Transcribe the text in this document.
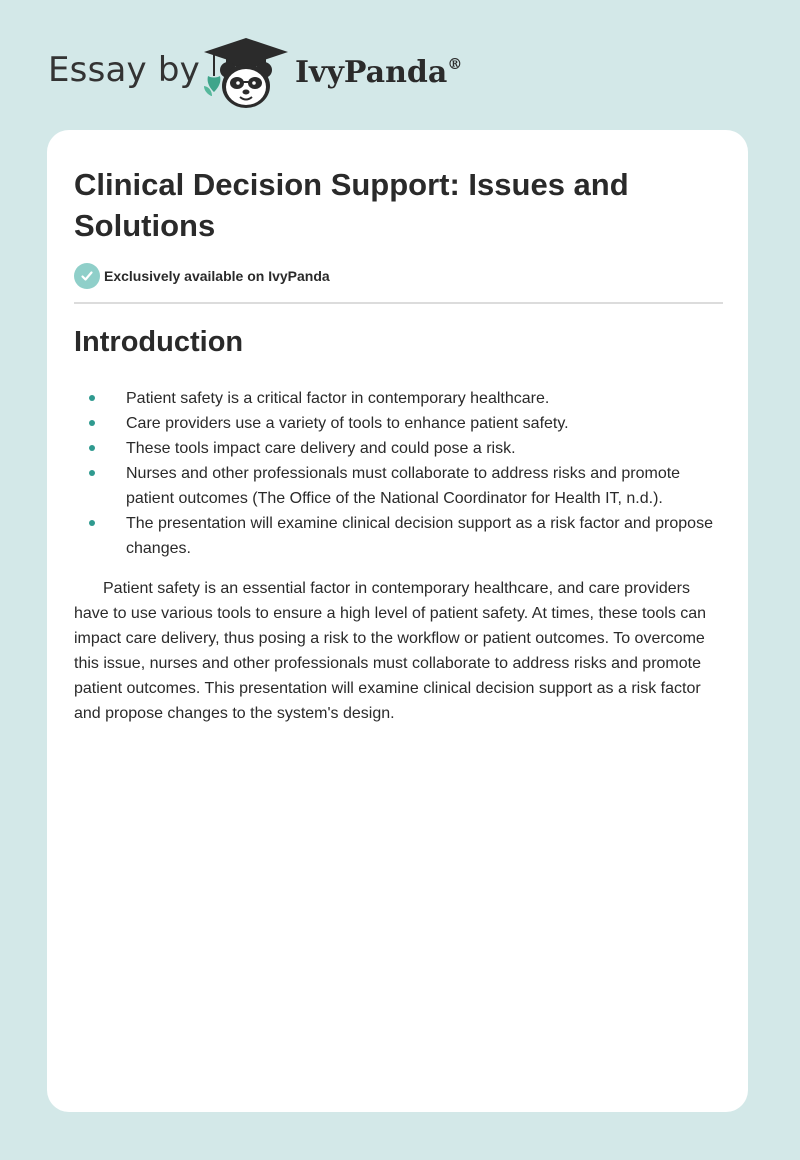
Essay by	IvyPanda®
Clinical Decision Support: Issues and Solutions
Exclusively available on IvyPanda
Introduction
Patient safety is a critical factor in contemporary healthcare.
Care providers use a variety of tools to enhance patient safety.
These tools impact care delivery and could pose a risk.
Nurses and other professionals must collaborate to address risks and promote patient outcomes (The Office of the National Coordinator for Health IT, n.d.).
The presentation will examine clinical decision support as a risk factor and propose changes.

Patient safety is an essential factor in contemporary healthcare, and care providers have to use various tools to ensure a high level of patient safety. At times, these tools can impact care delivery, thus posing a risk to the workflow or patient outcomes. To overcome this issue, nurses and other professionals must collaborate to address risks and promote patient outcomes. This presentation will examine clinical decision support as a risk factor and propose changes to the system's design.
